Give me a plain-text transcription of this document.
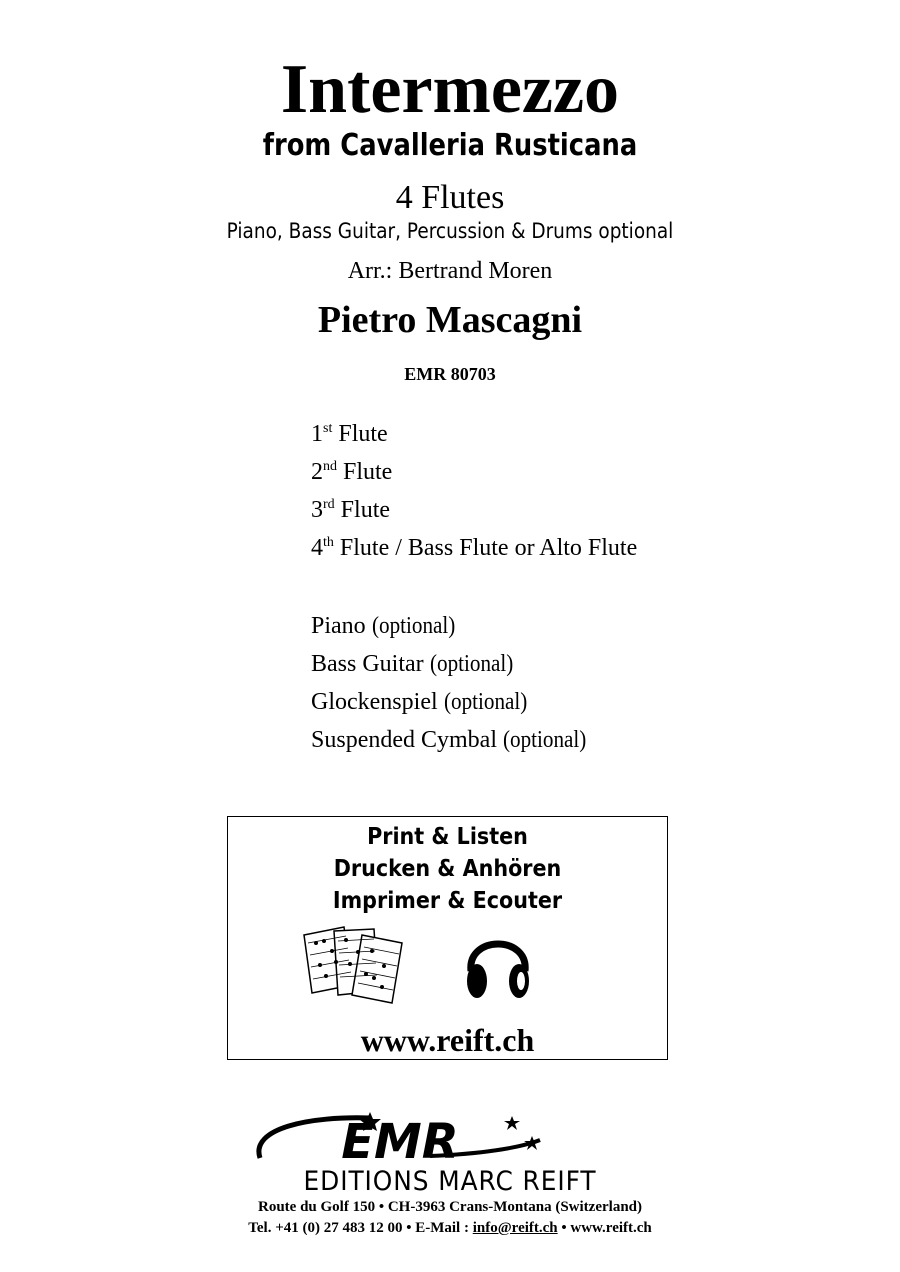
Intermezzo
from Cavalleria Rusticana
4 Flutes
Piano, Bass Guitar, Percussion & Drums optional
Arr.: Bertrand Moren
Pietro Mascagni
EMR 80703
1st Flute
2nd Flute
3rd Flute
4th Flute / Bass Flute or Alto Flute
Piano (optional)
Bass Guitar (optional)
Glockenspiel (optional)
Suspended Cymbal (optional)
Print & Listen
Drucken & Anhören
Imprimer & Ecouter
www.reift.ch
EMR
EDITIONS MARC REIFT
Route du Golf 150 • CH-3963 Crans-Montana (Switzerland)
Tel. +41 (0) 27 483 12 00 • E-Mail : info@reift.ch • www.reift.ch
